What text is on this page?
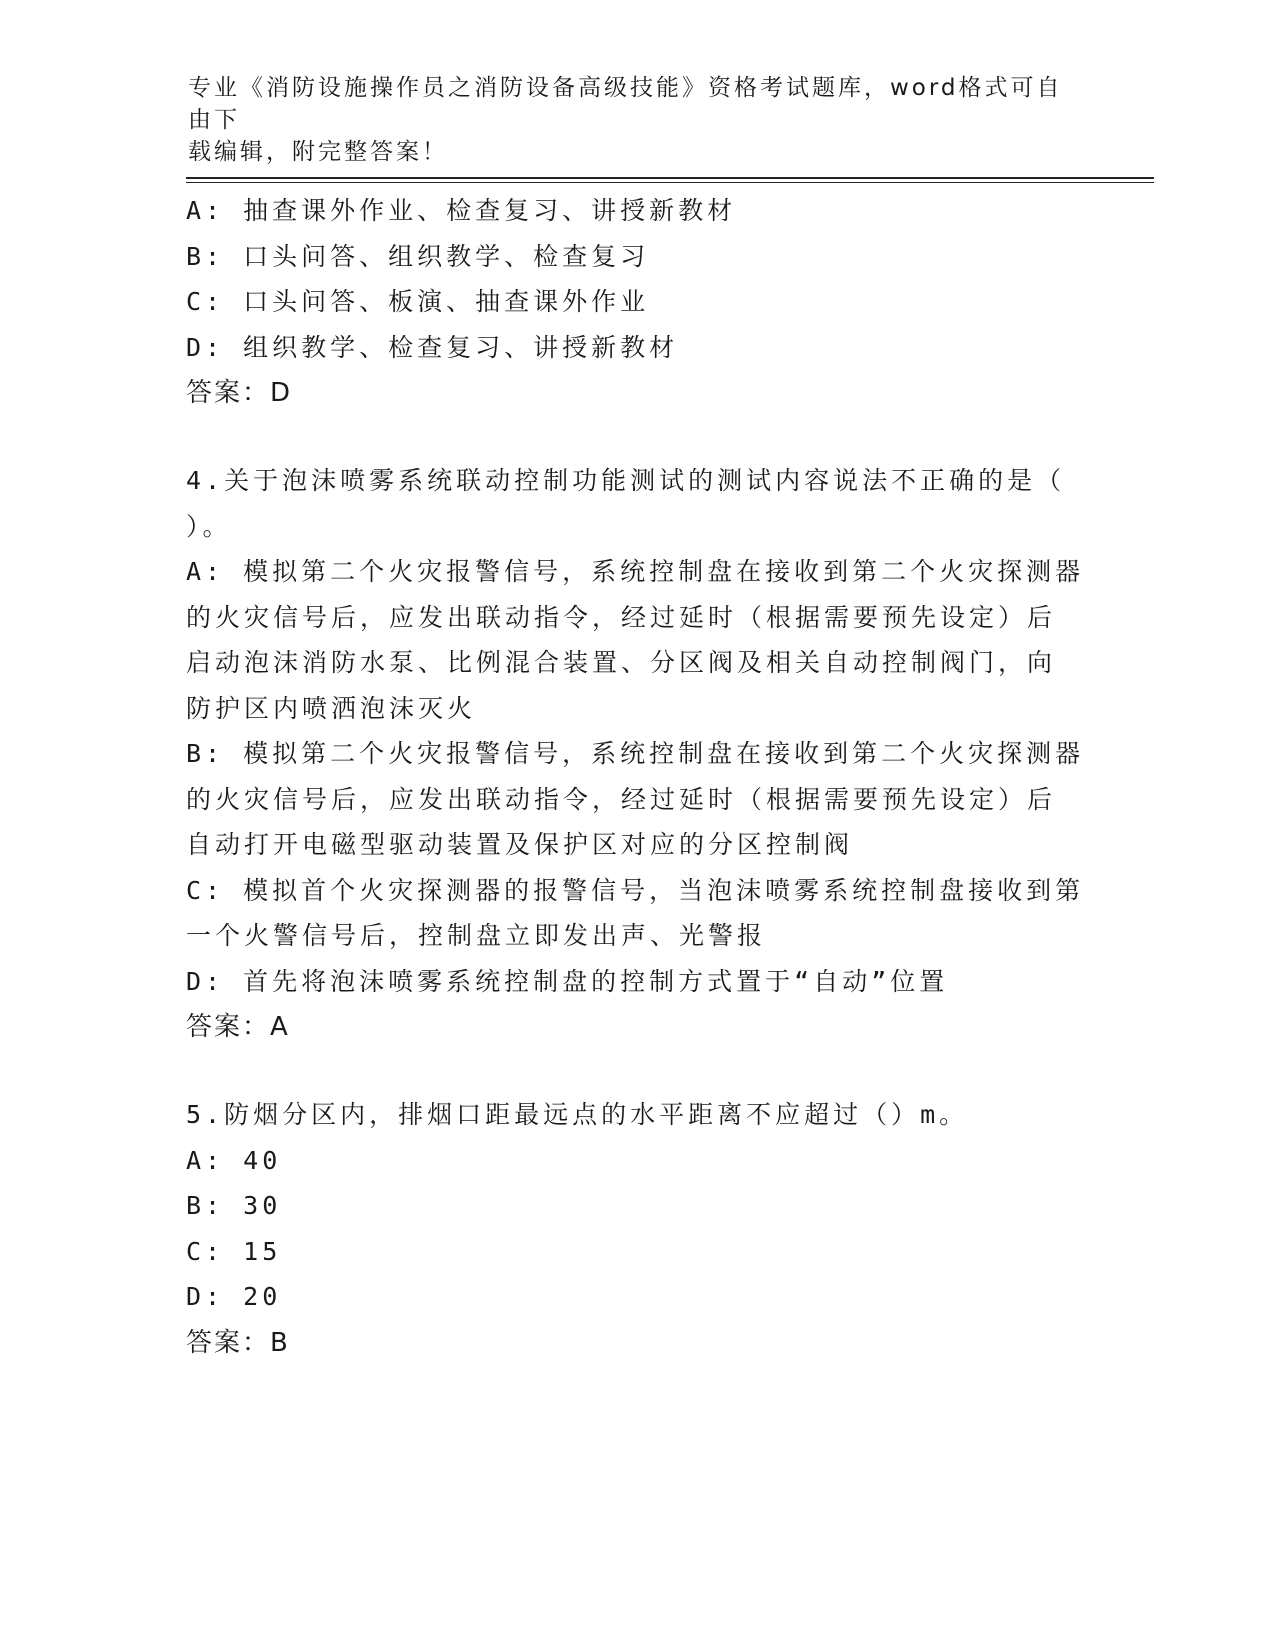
专业《消防设施操作员之消防设备高级技能》资格考试题库，word格式可自由下
载编辑，附完整答案！

A: 抽查课外作业、检查复习、讲授新教材

B: 口头问答、组织教学、检查复习

C: 口头问答、板演、抽查课外作业

D: 组织教学、检查复习、讲授新教材

答案：D

4.关于泡沫喷雾系统联动控制功能测试的测试内容说法不正确的是（

）。

A: 模拟第二个火灾报警信号，系统控制盘在接收到第二个火灾探测器

的火灾信号后，应发出联动指令，经过延时（根据需要预先设定）后

启动泡沫消防水泵、比例混合装置、分区阀及相关自动控制阀门，向

防护区内喷洒泡沫灭火

B: 模拟第二个火灾报警信号，系统控制盘在接收到第二个火灾探测器

的火灾信号后，应发出联动指令，经过延时（根据需要预先设定）后

自动打开电磁型驱动装置及保护区对应的分区控制阀

C: 模拟首个火灾探测器的报警信号，当泡沫喷雾系统控制盘接收到第

一个火警信号后，控制盘立即发出声、光警报

D: 首先将泡沫喷雾系统控制盘的控制方式置于“自动”位置

答案：A

5.防烟分区内，排烟口距最远点的水平距离不应超过（）m。

A: 40

B: 30

C: 15

D: 20

答案：B
